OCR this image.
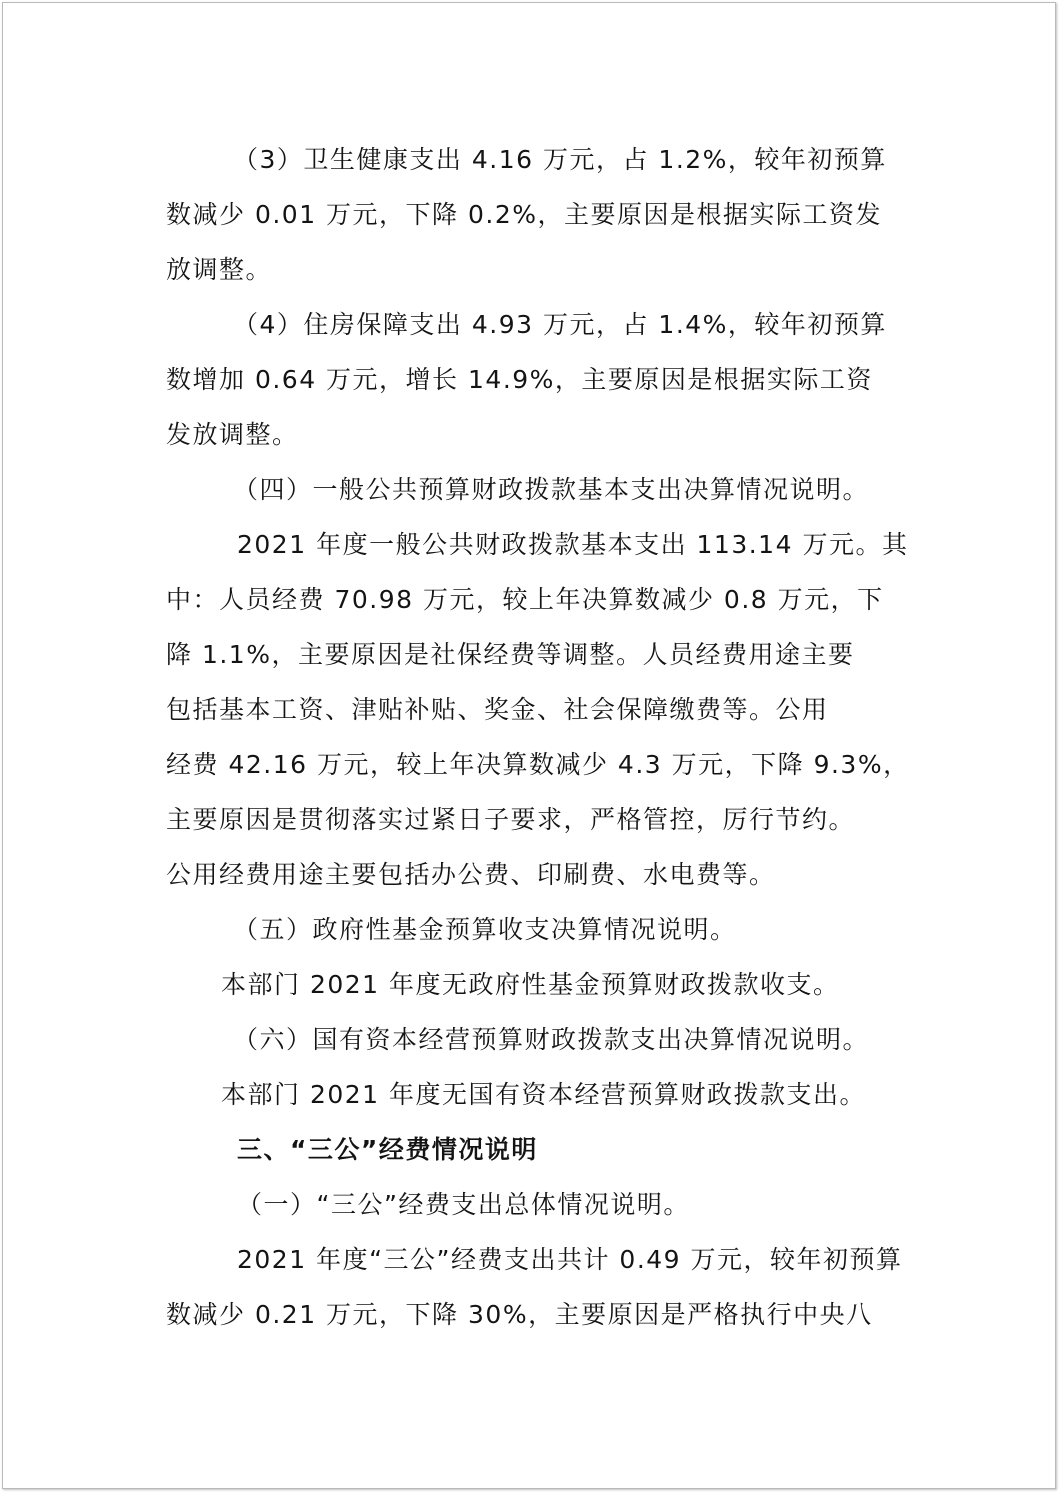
（3）卫生健康支出 4.16 万元，占 1.2%，较年初预算
数减少 0.01 万元，下降 0.2%，主要原因是根据实际工资发
放调整。
（4）住房保障支出 4.93 万元，占 1.4%，较年初预算
数增加 0.64 万元，增长 14.9%，主要原因是根据实际工资
发放调整。
（四）一般公共预算财政拨款基本支出决算情况说明。
2021 年度一般公共财政拨款基本支出 113.14 万元。其
中：人员经费 70.98 万元，较上年决算数减少 0.8 万元，下
降 1.1%，主要原因是社保经费等调整。人员经费用途主要
包括基本工资、津贴补贴、奖金、社会保障缴费等。公用
经费 42.16 万元，较上年决算数减少 4.3 万元，下降 9.3%，
主要原因是贯彻落实过紧日子要求，严格管控，厉行节约。
公用经费用途主要包括办公费、印刷费、水电费等。
（五）政府性基金预算收支决算情况说明。
本部门 2021 年度无政府性基金预算财政拨款收支。
（六）国有资本经营预算财政拨款支出决算情况说明。
本部门 2021 年度无国有资本经营预算财政拨款支出。
三、“三公”经费情况说明
（一）“三公”经费支出总体情况说明。
2021 年度“三公”经费支出共计 0.49 万元，较年初预算
数减少 0.21 万元，下降 30%，主要原因是严格执行中央八
